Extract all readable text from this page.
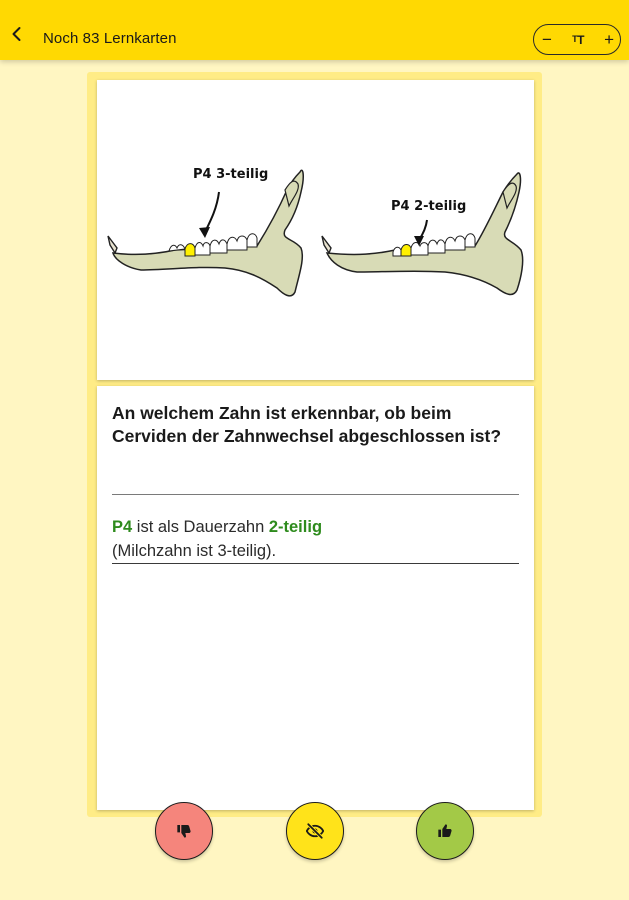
Noch 83 Lernkarten	− T T +
P4 3-teilig
P4 2-teilig
An welchem Zahn ist erkennbar, ob beim Cerviden der Zahnwechsel abgeschlossen ist?
P4 ist als Dauerzahn 2-teilig
(Milchzahn ist 3-teilig).
